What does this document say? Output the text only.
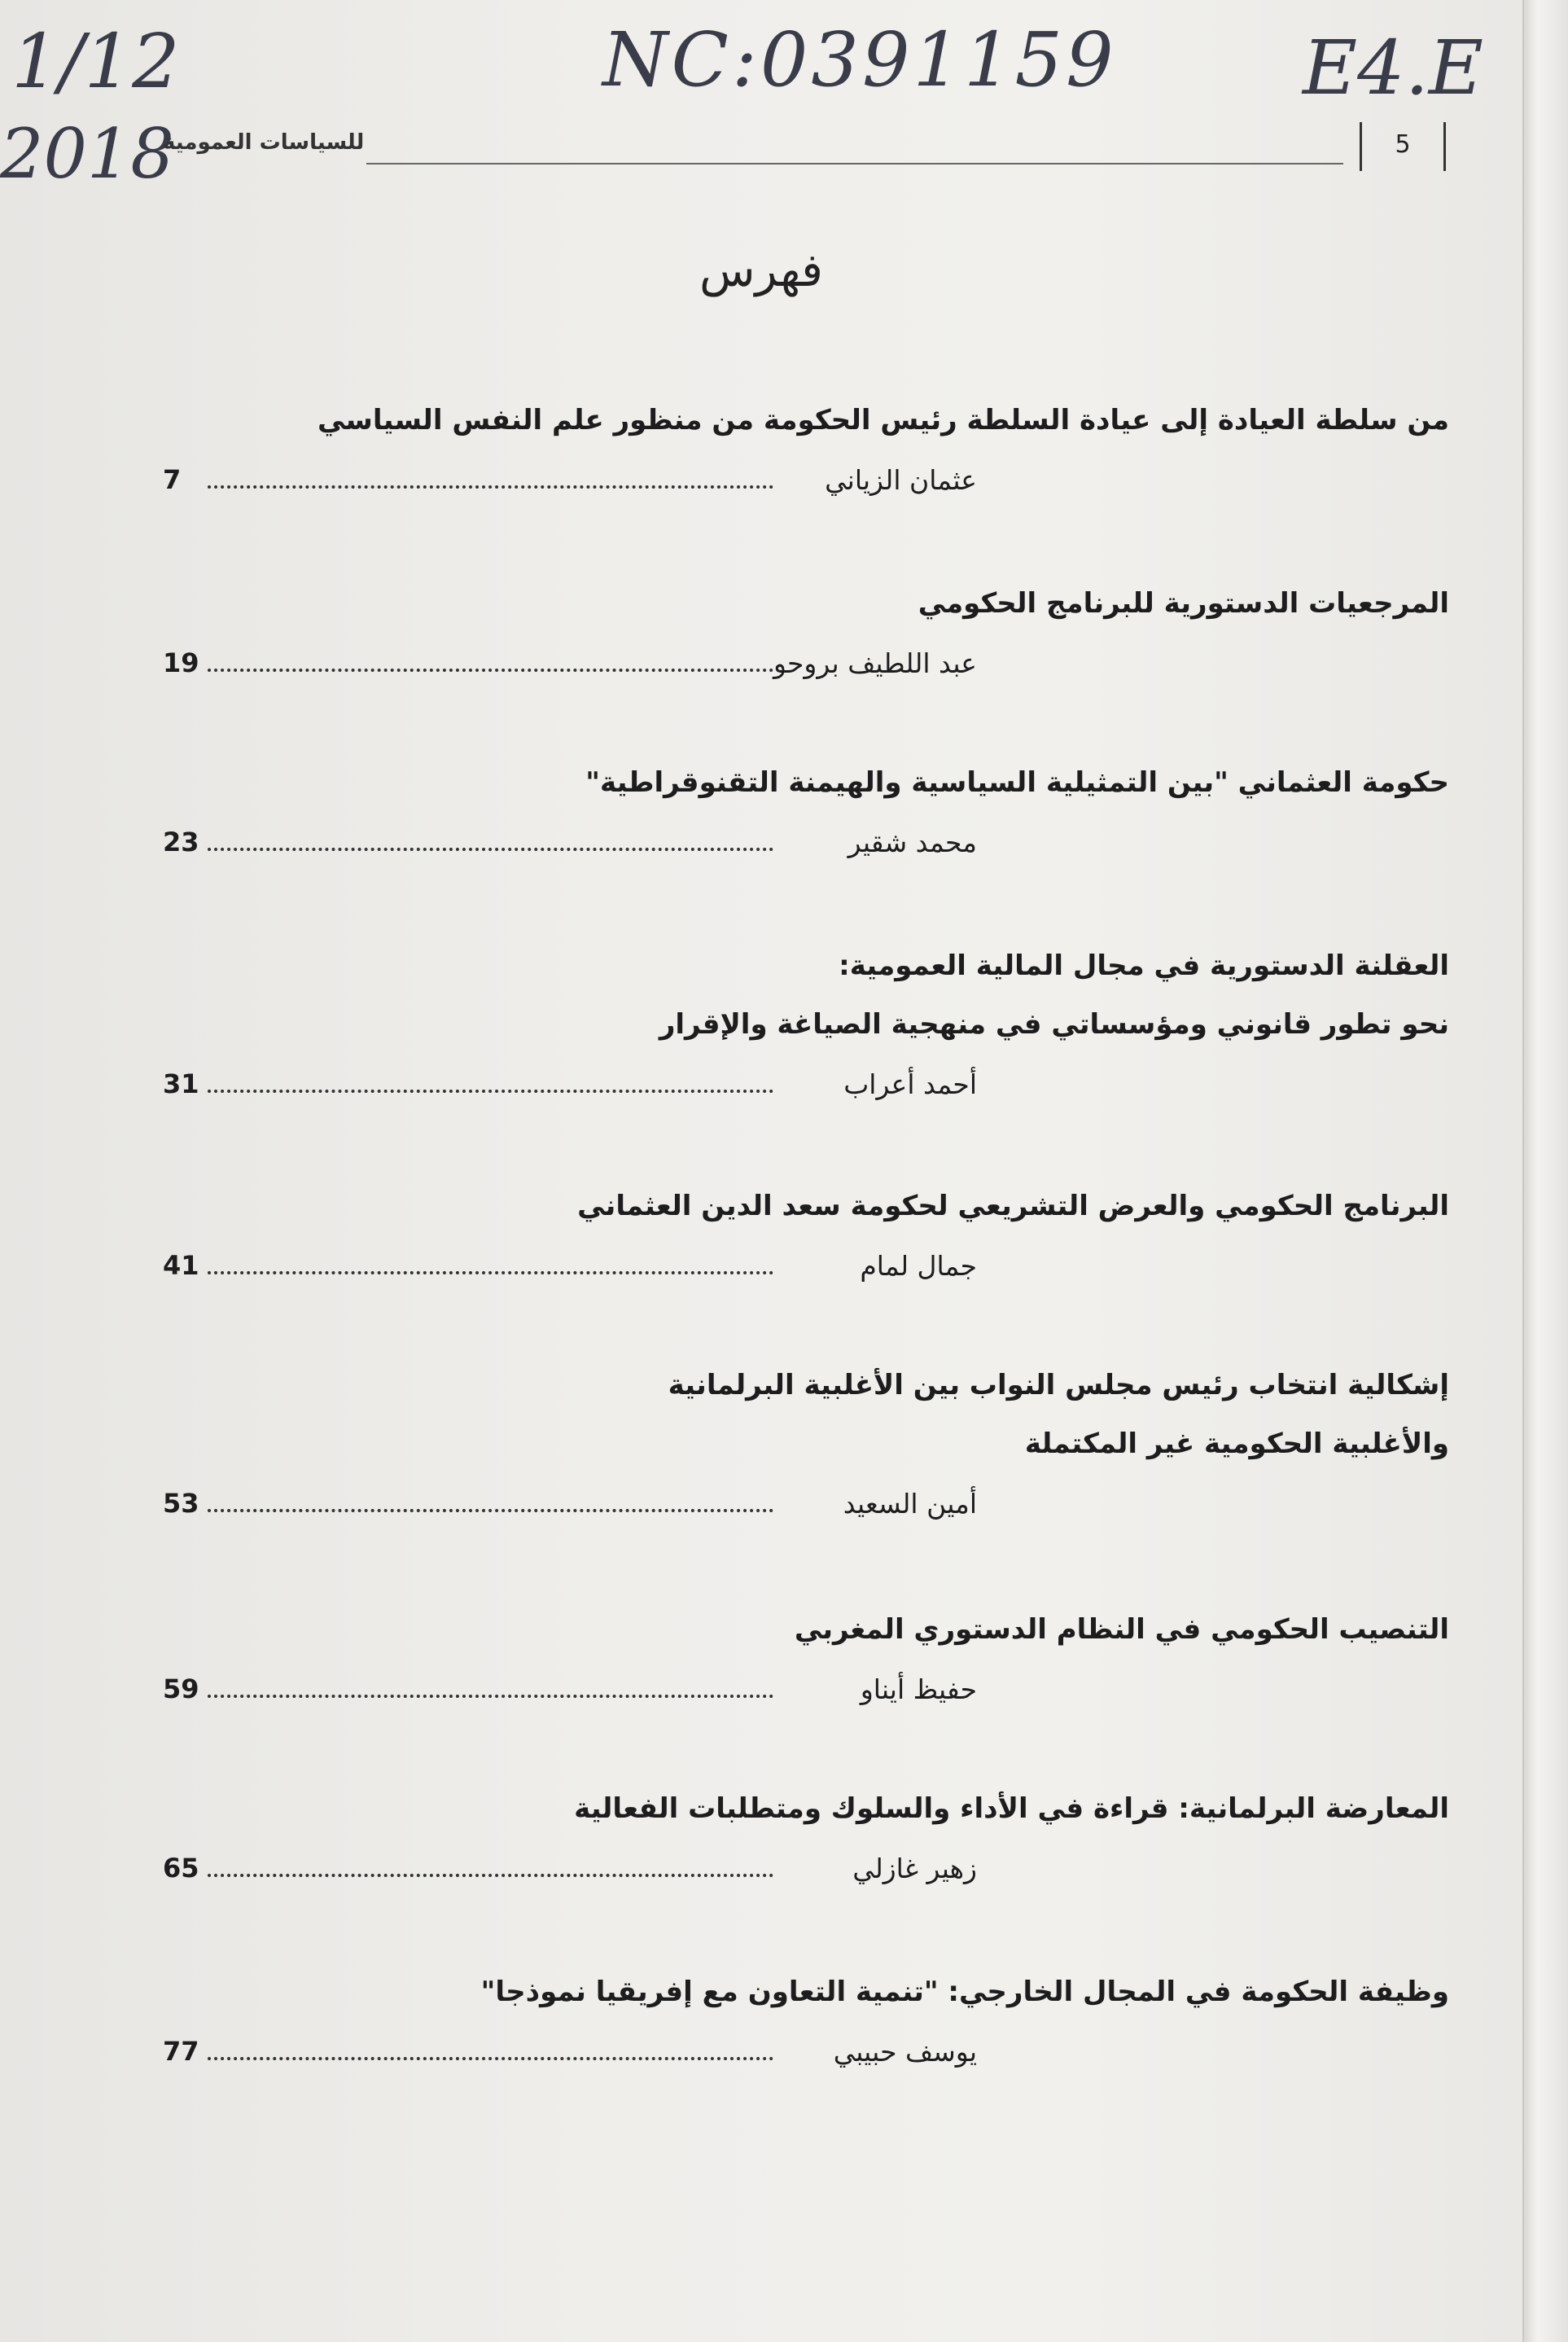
1/12
2018
NC:0391159 E4.E
للسياسات العمومية	5
فهرس
من سلطة العيادة إلى عيادة السلطة رئيس الحكومة من منظور علم النفس السياسي
عثمان الزياني
7
المرجعيات الدستورية للبرنامج الحكومي
عبد اللطيف بروحو
19
حكومة العثماني "بين التمثيلية السياسية والهيمنة التقنوقراطية"
محمد شقير
23
العقلنة الدستورية في مجال المالية العمومية:
نحو تطور قانوني ومؤسساتي في منهجية الصياغة والإقرار
أحمد أعراب
31
البرنامج الحكومي والعرض التشريعي لحكومة سعد الدين العثماني
جمال لمام
41
إشكالية انتخاب رئيس مجلس النواب بين الأغلبية البرلمانية
والأغلبية الحكومية غير المكتملة
أمين السعيد
53
التنصيب الحكومي في النظام الدستوري المغربي
حفيظ أيناو
59
المعارضة البرلمانية: قراءة في الأداء والسلوك ومتطلبات الفعالية
زهير غازلي
65
وظيفة الحكومة في المجال الخارجي: "تنمية التعاون مع إفريقيا نموذجا"
يوسف حبيبي
77
